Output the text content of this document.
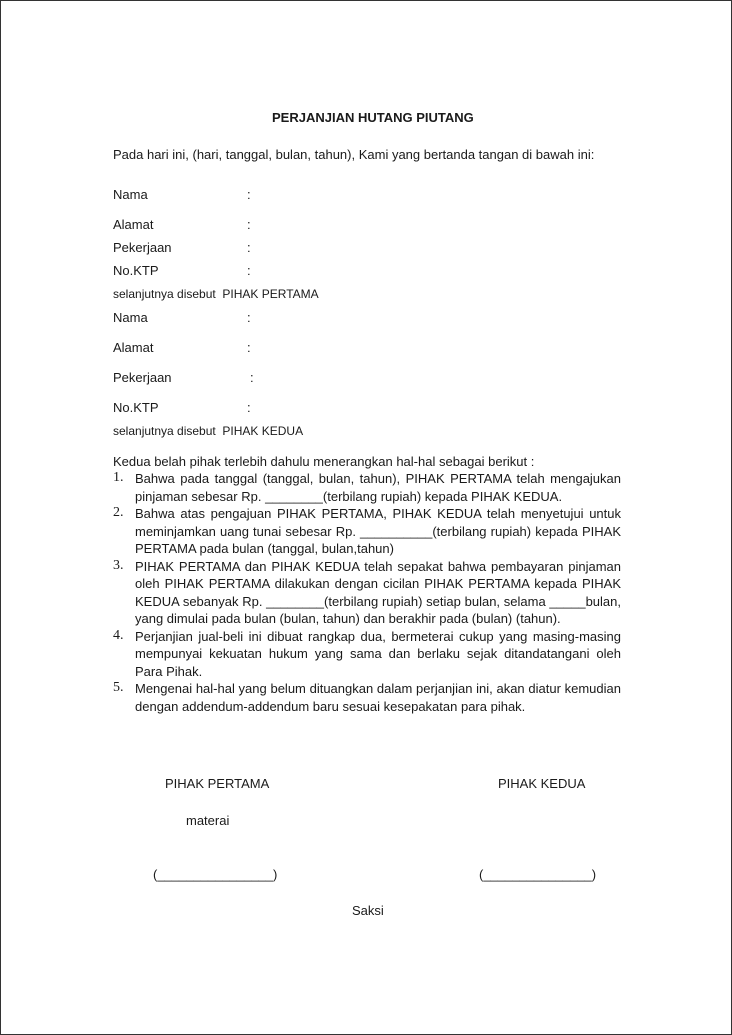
PERJANJIAN HUTANG PIUTANG
Pada hari ini, (hari, tanggal, bulan, tahun), Kami yang bertanda tangan di bawah ini:
Nama	:
Alamat	:
Pekerjaan	:
No.KTP	:
selanjutnya disebut  PIHAK PERTAMA
Nama	:
Alamat	:
Pekerjaan	:
No.KTP	:
selanjutnya disebut  PIHAK KEDUA
Kedua belah pihak terlebih dahulu menerangkan hal-hal sebagai berikut :
1. Bahwa pada tanggal (tanggal, bulan, tahun), PIHAK PERTAMA telah mengajukan pinjaman sebesar Rp. ________(terbilang rupiah) kepada PIHAK KEDUA.
2. Bahwa atas pengajuan PIHAK PERTAMA, PIHAK KEDUA telah menyetujui untuk meminjamkan uang tunai sebesar Rp. __________(terbilang rupiah) kepada PIHAK PERTAMA pada bulan (tanggal, bulan,tahun)
3. PIHAK PERTAMA dan PIHAK KEDUA telah sepakat bahwa pembayaran pinjaman oleh PIHAK PERTAMA dilakukan dengan cicilan PIHAK PERTAMA kepada PIHAK KEDUA sebanyak Rp. ________(terbilang rupiah) setiap bulan, selama _____bulan, yang dimulai pada bulan (bulan, tahun) dan berakhir pada (bulan) (tahun).
4. Perjanjian jual-beli ini dibuat rangkap dua, bermeterai cukup yang masing-masing mempunyai kekuatan hukum yang sama dan berlaku sejak ditandatangani oleh Para Pihak.
5. Mengenai hal-hal yang belum dituangkan dalam perjanjian ini, akan diatur kemudian dengan addendum-addendum baru sesuai kesepakatan para pihak.
PIHAK PERTAMA	PIHAK KEDUA
materai
(________________)	(_______________)
Saksi
